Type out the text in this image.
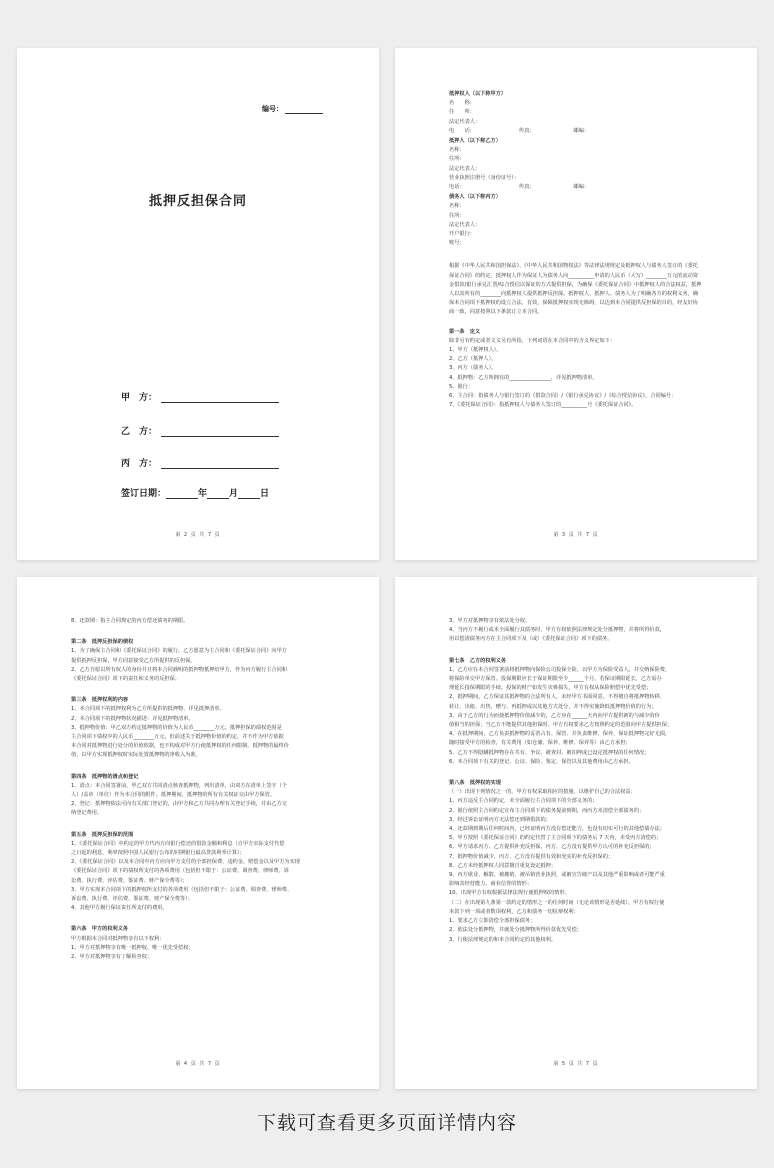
编号：
抵押反担保合同
甲　方：
乙　方：
丙　方：
签订日期：	年 月 日
第 2 页 共 7 页
抵押权人（以下称甲方）
名　　称：
住　　所：
法定代表人：
电　　话：　　　　　　　　　传真：　　　　　　　　邮编：
抵押人（以下称乙方）
名称：
住所：
法定代表人：
营业执照注册号（身份证号）：
电话：　　　　　　　　　　　传真：　　　　　　　　邮编：
债务人（以下称丙方）
名称：
住所：
法定代表人：
开户银行：
账号：
根据《中华人民共和国担保法》、《中华人民共和国物权法》等法律法规规定及抵押权人与债务人签订的《委托保证合同》的约定，抵押权人作为保证人为债务人向__________申请的人民币（大写）________万元的流动资金借款/银行承兑汇票/综合授信以保证的方式提供担保。为确保《委托保证合同》中抵押权人的合法权益，抵押人以其所有的________向抵押权人提供抵押反担保。抵押权人、抵押人、债务人为了明确各方的权利义务，确保本合同项下抵押权的设立合法、有效，保障抵押权实现无障碍，以达到本合同提供反担保的目的，经友好协商一致，同意按照以下条款订立本合同。
第一条　定义
除非另有约定或者文义另有所指，下列词语在本合同中的含义界定如下：
1、甲方（抵押权人）。
2、乙方（抵押人）。
3、丙方（债务人）。
4、抵押物：乙方所拥有的________________，详见抵押物清单。
5、银行：
6、主合同：指债务人与银行签订的《借款合同》/《银行承兑协议》/《综合授信协议》，合同编号：
7、《委托保证合同》：指抵押权人与债务人签订的__________号《委托保证合同》。
第 3 页 共 7 页
8、还款期：指主合同规定的丙方偿还债务的期限。
第二条　抵押反担保的债权
1、为了确保主合同和《委托保证合同》的履行，乙方愿意为主合同和《委托保证合同》向甲方
提供抵押反担保，甲方同意接受乙方所提供的反担保。
2、乙方自愿以所有权人的身份并且将本合同载明的抵押物抵押给甲方，作为丙方履行主合同和
《委托保证合同》项下的责任和义务的反担保。
第三条　抵押权利的内容
1、本合同项下的抵押权利为乙方所提供的抵押物，详见抵押清单。
2、本合同项下的抵押物状况描述：详见抵押物清单。
3、抵押物价值：甲乙双方约定抵押物的价值为人民币________万元。抵押担保的债权范围是
主合同项下债权中的人民币________万元，但前述关于抵押物价值的约定，并不作为甲方依据
本合同对抵押物进行处分的价值依据，也不构成对甲方行使抵押权的任何限制。抵押物的最终价
值，以甲方实现抵押权时实际处置抵押物的净收入为准。
第四条　抵押物的清点和登记
1、清点：本合同签署前，甲乙双方共同清点核查抵押物，列出清单，由双方在清单上签字（个
人）/盖章（单位）作为本合同的附件。抵押期间，抵押物的所有有关权证交由甲方保管。
2、登记：抵押物依法可向有关部门登记的，由甲方和乙方共同办理有关登记手续，并由乙方交
纳登记费用。
第五条　抵押反担保的范围
1、《委托保证合同》中约定的甲方代丙方向银行偿还的借款金额和利息（自甲方实际支付代偿
之日起的利息，利率按照中国人民银行公布的同期银行最高贷款利率计算）；
2、《委托保证合同》以及本合同中丙方应向甲方支付的全部担保费、违约金、赔偿金以及甲方为实现
《委托保证合同》项下的债权所支付的各项费用（包括但不限于：公证费、调查费、律师费、诉
讼费、执行费、评估费、鉴证费、财产保全费等）；
3、甲方实现本合同项下的抵押权所支付的各项费用（包括但不限于：公证费、调查费、律师费、
诉讼费、执行费、评估费、鉴证费、财产保全费等）；
4、其他甲方履行保证责任所支付的费用。
第六条　甲方的权利义务
甲方根据本合同对抵押物享有以下权利：
1、甲方对抵押物享有唯一抵押权、唯一优先受偿权；
2、甲方对抵押物享有了解检查权；
第 4 页 共 7 页
3、甲方对抵押物享有依法处分权；
4、当丙方不履行或未全面履行其债务时，甲方有权依照法律规定处分抵押物，并将所得价款，
用以偿清债务丙方在主合同项下及（或）《委托保证合同》项下的债务。
第七条　乙方的权利义务
1、乙方应在本合同签署前将抵押物向保险公司投保全险，以甲方为保险受益人，并交纳保险费，
将保险单交甲方保管。投保期限应长于保证期限至少______个月。若保证期限延长，乙方需办
理延长投保期限的手续。投保的财产如发生灾难损失，甲方有权从保险赔偿中优先受偿；
2、抵押期间，乙方保证其抵押物的合法所有人，未经甲方书面同意，不得擅自将抵押物转移、
转让、出租、出售、赠与、再抵押或以其他方式处分，并不得实施降低抵押物价值的行为；
3、由于乙方的行为而使抵押物价值减少的，乙方应在______天内向甲方提供新的与减少的价
值相当的担保；当乙方不能提供其他担保时，甲方有权要求乙方按照约定的范围向甲方提供担保；
4、在抵押期间，乙方负责抵押物的妥善占有、保管、并负责维修、保养，保证抵押物完好无损，
随时接受甲方的检查，有关费用（如仓储、保养、维修、保养等）由乙方承担；
5、乙方不得隐瞒抵押物存在共有、争议、被查封、被扣押或已设定抵押权的任何情况；
6、本合同项下有关的登记、公证、保险、鉴定、保管以及其他费用由乙方承担。
第八条　抵押权的实现
（一）出现下列情况之一的，甲方有权采取相应的措施，以维护自己的合法权益：
1、丙方违反主合同约定，未全面履行主合同项下的全部义务的；
2、银行依照主合同约定宣布主合同项下的债务提前到期，而丙方未清偿全部债务的；
3、经过诉讼证明丙方无法偿还到期借款的；
4、还款期到期后任何时间内，已经证明丙方没有偿还能力，也没有切实可行的其他偿债办法；
5、甲方按照《委托保证合同》的约定代替了主合同项下的债务后 7 天内，未受丙方清偿的；
6、甲方请求丙方、乙方提供补充反担保，丙方、乙方没有提供甲方认可的补充反担保的；
7、抵押物价值减少，丙方、乙方没有提供有效和充实的补充反担保的；
8、乙方未经抵押权人同意擅自重复设定抵押；
9、丙方歇业、解散、被撤销、被吊销营业执照，或被宣告破产以及其他严重影响或者可能严重
影响其经营能力、商业信誉的情形；
10、出现甲方有权根据法律法规行使抵押权的情形。
（二）在出现第九条第一款约定的情形之一的任何时间（无论该情形是否延续），甲方有权行使
本款下列一项或者数项权利，乙方和债务一切抗辩权利：
1、要求乙方立即清偿全部担保债务；
2、依法处分抵押物，并就处分抵押物所得价款优先受偿；
3、行使法律规定的和本合同约定的其他权利。
第 5 页 共 7 页
下载可查看更多页面详情内容
